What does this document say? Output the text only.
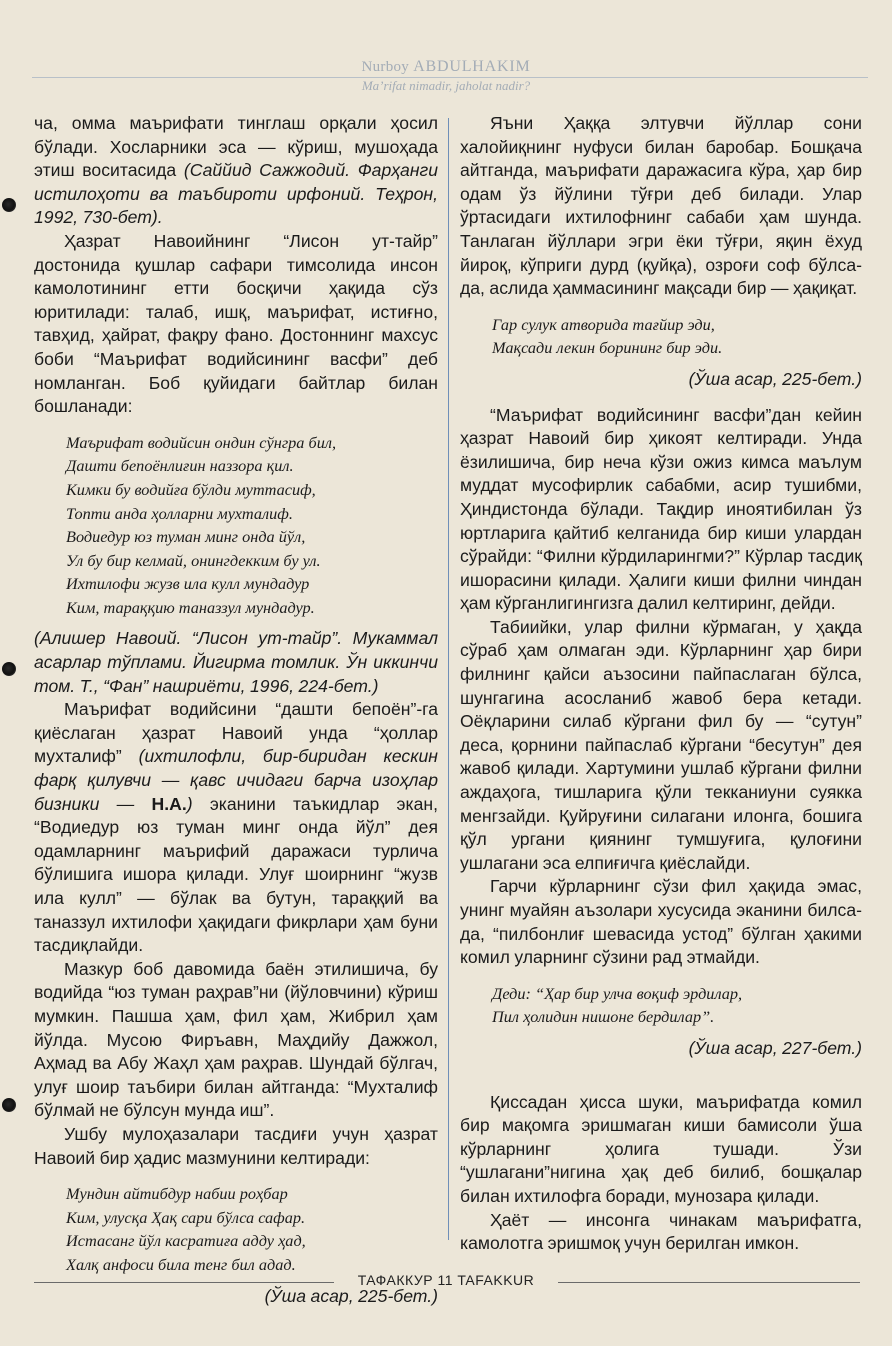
Nurboy ABDULHAKIM
Ma’rifat nimadir, jaholat nadir?

ча, омма маърифати тинглаш орқали ҳосил бўлади. Хосларники эса — кўриш, мушоҳада этиш воситасида (Саййид Сажжодий. Фарҳанги истилоҳоти ва таъбироти ирфоний. Теҳрон, 1992, 730-бет).

Ҳазрат Навоийнинг “Лисон ут-тайр” достонида қушлар сафари тимсолида инсон камолотининг етти босқичи ҳақида сўз юритилади: талаб, ишқ, маърифат, истиғно, тавҳид, ҳайрат, фақру фано. Достоннинг махсус боби “Маърифат водийсининг васфи” деб номланган. Боб қуйидаги байтлар билан бошланади:

Маърифат водийсин ондин сўнгра бил,
Дашти бепоёнлиғин наззора қил.
Кимки бу водийға бўлди муттасиф,
Топти анда ҳолларни мухталиф.
Водиедур юз туман минг онда йўл,
Ул бу бир келмай, онингдекким бу ул.
Ихтилофи жузв ила кулл мундадур
Ким, тараққию таназзул мундадур.

(Алишер Навоий. “Лисон ут-тайр”. Мукаммал асарлар тўплами. Йигирма томлик. Ўн иккинчи том. Т., “Фан” нашриёти, 1996, 224-бет.)

Маърифат водийсини “дашти бепоён”-га қиёслаган ҳазрат Навоий унда “ҳоллар мухталиф” (ихтилофли, бир-биридан кескин фарқ қилувчи — қавс ичидаги барча изоҳлар бизники — Н.А.) эканини таъкидлар экан, “Водиедур юз туман минг онда йўл” дея одамларнинг маърифий даражаси турлича бўлишига ишора қилади. Улуғ шоирнинг “жузв ила кулл” — бўлак ва бутун, тараққий ва таназзул ихтилофи ҳақидаги фикрлари ҳам буни тасдиқлайди.

Мазкур боб давомида баён этилишича, бу водийда “юз туман раҳрав”ни (йўловчини) кўриш мумкин. Пашша ҳам, фил ҳам, Жибрил ҳам йўлда. Мусою Фиръавн, Маҳдийу Дажжол, Аҳмад ва Абу Жаҳл ҳам раҳрав. Шундай бўлгач, улуғ шоир таъбири билан айтганда: “Мухталиф бўлмай не бўлсун мунда иш”.

Ушбу мулоҳазалари тасдиғи учун ҳазрат Навоий бир ҳадис мазмунини келтиради:

Мундин айтибдур набии роҳбар
Ким, улусқа Ҳақ сари бўлса сафар.
Истасанг йўл касратиға адду ҳад,
Халқ анфоси била тенг бил адад.

(Ўша асар, 225-бет.)

Яъни Ҳаққа элтувчи йўллар сони халойиқнинг нуфуси билан баробар. Бошқача айтганда, маърифати даражасига кўра, ҳар бир одам ўз йўлини тўғри деб билади. Улар ўртасидаги ихтилофнинг сабаби ҳам шунда. Танлаган йўллари эгри ёки тўғри, яқин ёхуд йироқ, кўприги дурд (қуйқа), озроғи соф бўлса-да, аслида ҳаммасининг мақсади бир — ҳақиқат.

Гар сулук атворида тағйир эди,
Мақсади лекин борининг бир эди.

(Ўша асар, 225-бет.)

“Маърифат водийсининг васфи”дан кейин ҳазрат Навоий бир ҳикоят келтиради. Унда ёзилишича, бир неча кўзи ожиз кимса маълум муддат мусофирлик сабабми, асир тушибми, Ҳиндистонда бўлади. Тақдир иноятибилан ўз юртларига қайтиб келганида бир киши улардан сўрайди: “Филни кўрдиларингми?” Кўрлар тасдиқ ишорасини қилади. Ҳалиги киши филни чиндан ҳам кўрганлигингизга далил келтиринг, дейди.

Табиийки, улар филни кўрмаган, у ҳақда сўраб ҳам олмаган эди. Кўрларнинг ҳар бири филнинг қайси аъзосини пайпаслаган бўлса, шунгагина асосланиб жавоб бера кетади. Оёқларини силаб кўргани фил бу — “сутун” деса, қорнини пайпаслаб кўргани “бесутун” дея жавоб қилади. Хартумини ушлаб кўргани филни аждаҳога, тишларига қўли текканиуни суякка менгзайди. Қуйруғини силагани илонга, бошига қўл ургани қиянинг тумшуғига, қулоғини ушлагани эса елпиғичга қиёслайди.

Гарчи кўрларнинг сўзи фил ҳақида эмас, унинг муайян аъзолари хусусида эканини билса-да, “пилбонлиғ шевасида устод” бўлган ҳакими комил уларнинг сўзини рад этмайди.

Деди: “Ҳар бир улча воқиф эрдилар,
Пил ҳолидин нишоне бердилар”.

(Ўша асар, 227-бет.)

Қиссадан ҳисса шуки, маърифатда комил бир мақомга эришмаган киши бамисоли ўша кўрларнинг ҳолига тушади. Ўзи “ушлагани”нигина ҳақ деб билиб, бошқалар билан ихтилофга боради, мунозара қилади.

Ҳаёт — инсонга чинакам маърифатга, камолотга эришмоқ учун берилган имкон.

ТАФАККУР 11 TAFAKKUR
